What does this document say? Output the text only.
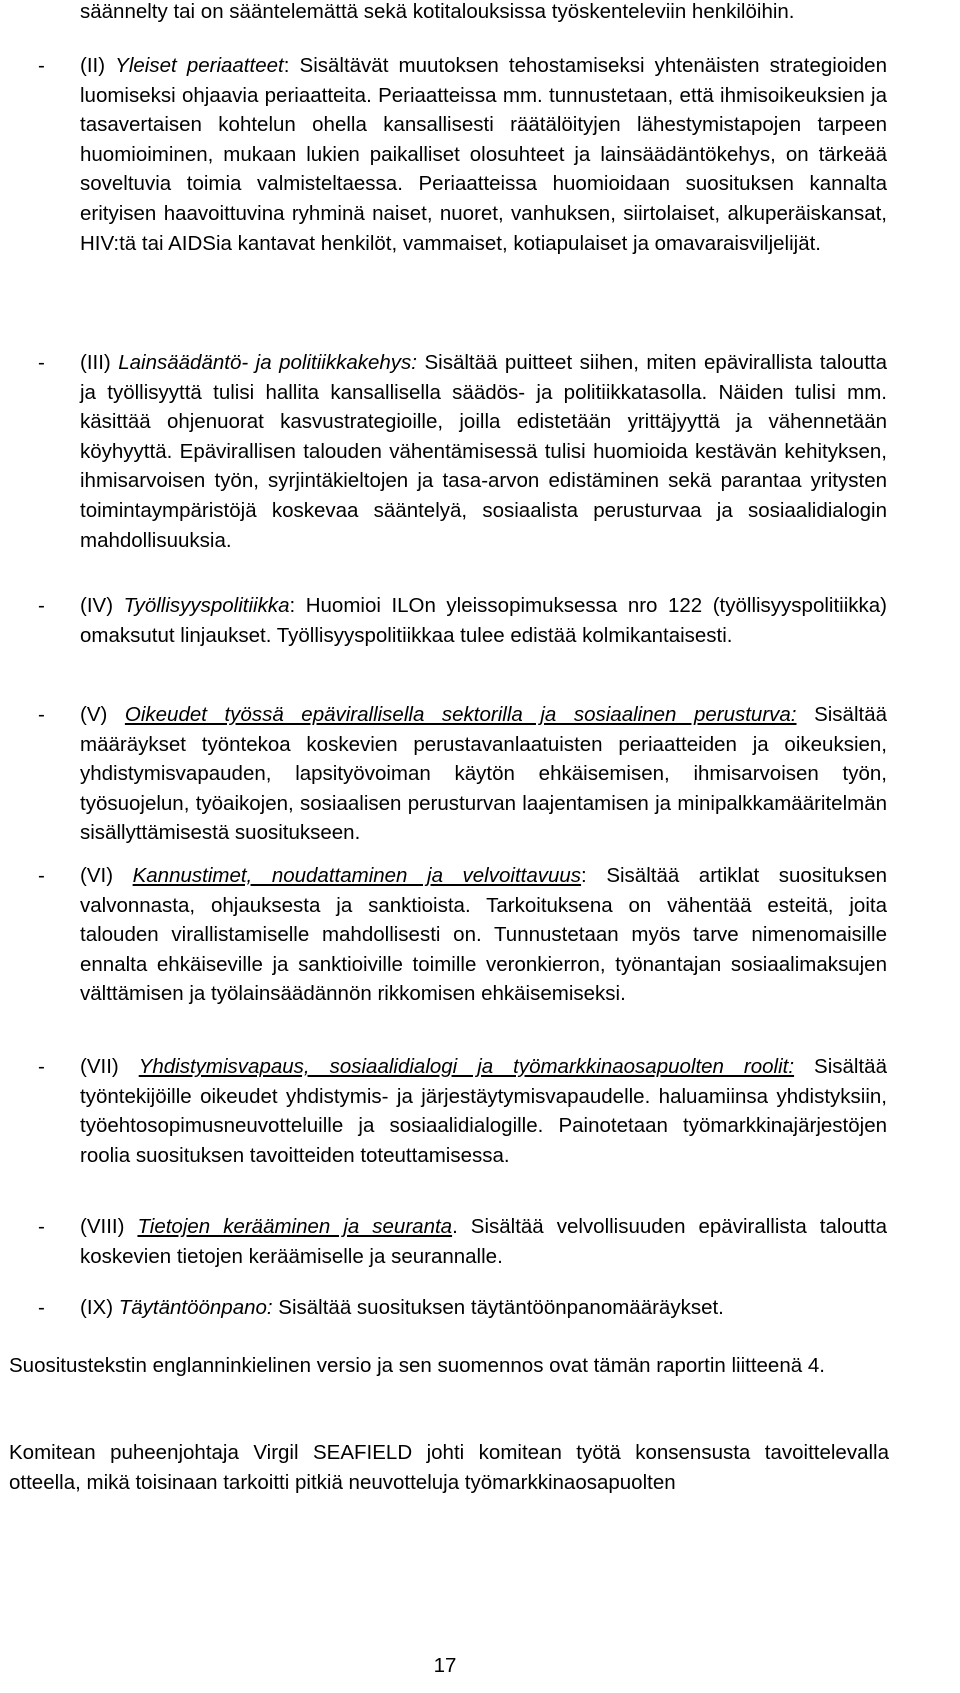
säännelty tai on sääntelemättä sekä kotitalouksissa työskenteleviin henkilöihin.
-	(II) Yleiset periaatteet: Sisältävät muutoksen tehostamiseksi yhtenäisten strategioiden luomiseksi ohjaavia periaatteita. Periaatteissa mm. tunnustetaan, että ihmisoikeuksien ja tasavertaisen kohtelun ohella kansallisesti räätälöityjen lähestymistapojen tarpeen huomioiminen, mukaan lukien paikalliset olosuhteet ja lainsäädäntökehys, on tärkeää soveltuvia toimia valmisteltaessa. Periaatteissa huomioidaan suosituksen kannalta erityisen haavoittuvina ryhminä naiset, nuoret, vanhuksen, siirtolaiset, alkuperäiskansat, HIV:tä tai AIDSia kantavat henkilöt, vammaiset, kotiapulaiset ja omavaraisviljelijät.
-	(III) Lainsäädäntö- ja politiikkakehys: Sisältää puitteet siihen, miten epävirallista taloutta ja työllisyyttä tulisi hallita kansallisella säädös- ja politiikkatasolla. Näiden tulisi mm. käsittää ohjenuorat kasvustrategioille, joilla edistetään yrittäjyyttä ja vähennetään köyhyyttä. Epävirallisen talouden vähentämisessä tulisi huomioida kestävän kehityksen, ihmisarvoisen työn, syrjintäkieltojen ja tasa-arvon edistäminen sekä parantaa yritysten toimintaympäristöjä koskevaa sääntelyä, sosiaalista perusturvaa ja sosiaalidialogin mahdollisuuksia.
-	(IV) Työllisyyspolitiikka: Huomioi ILOn yleissopimuksessa nro 122 (työllisyyspolitiikka) omaksutut linjaukset. Työllisyyspolitiikkaa tulee edistää kolmikantaisesti.
-	(V) Oikeudet työssä epävirallisella sektorilla ja sosiaalinen perusturva: Sisältää määräykset työntekoa koskevien perustavanlaatuisten periaatteiden ja oikeuksien, yhdistymisvapauden, lapsityövoiman käytön ehkäisemisen, ihmisarvoisen työn, työsuojelun, työaikojen, sosiaalisen perusturvan laajentamisen ja minipalkkamääritelmän sisällyttämisestä suositukseen.
-	(VI) Kannustimet, noudattaminen ja velvoittavuus: Sisältää artiklat suosituksen valvonnasta, ohjauksesta ja sanktioista. Tarkoituksena on vähentää esteitä, joita talouden virallistamiselle mahdollisesti on. Tunnustetaan myös tarve nimenomaisille ennalta ehkäiseville ja sanktioiville toimille veronkierron, työnantajan sosiaalimaksujen välttämisen ja työlainsäädännön rikkomisen ehkäisemiseksi.
-	(VII) Yhdistymisvapaus, sosiaalidialogi ja työmarkkinaosapuolten roolit: Sisältää työntekijöille oikeudet yhdistymis- ja järjestäytymisvapaudelle. haluamiinsa yhdistyksiin, työehtosopimusneuvotteluille ja sosiaalidialogille. Painotetaan työmarkkinajärjestöjen roolia suosituksen tavoitteiden toteuttamisessa.
-	(VIII) Tietojen kerääminen ja seuranta. Sisältää velvollisuuden epävirallista taloutta koskevien tietojen keräämiselle ja seurannalle.
-	(IX) Täytäntöönpano: Sisältää suosituksen täytäntöönpanomääräykset.
Suositustekstin englanninkielinen versio ja sen suomennos ovat tämän raportin liitteenä 4.
Komitean puheenjohtaja Virgil SEAFIELD johti komitean työtä konsensusta tavoittelevalla otteella, mikä toisinaan tarkoitti pitkiä neuvotteluja työmarkkinaosapuolten
17
